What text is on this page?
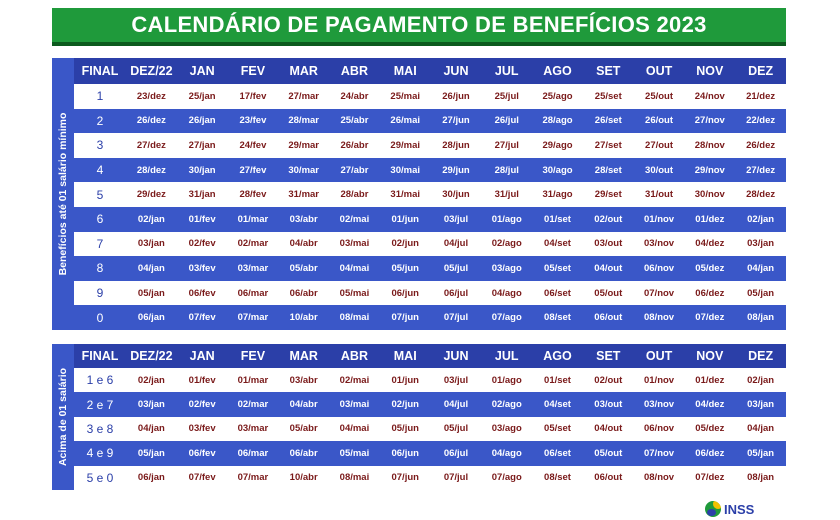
CALENDÁRIO DE PAGAMENTO DE BENEFÍCIOS 2023
Benefícios até 01 salário mínimo
FINAL	DEZ/22	JAN	FEV	MAR	ABR	MAI	JUN	JUL	AGO	SET	OUT	NOV	DEZ
1	23/dez	25/jan	17/fev	27/mar	24/abr	25/mai	26/jun	25/jul	25/ago	25/set	25/out	24/nov	21/dez
2	26/dez	26/jan	23/fev	28/mar	25/abr	26/mai	27/jun	26/jul	28/ago	26/set	26/out	27/nov	22/dez
3	27/dez	27/jan	24/fev	29/mar	26/abr	29/mai	28/jun	27/jul	29/ago	27/set	27/out	28/nov	26/dez
4	28/dez	30/jan	27/fev	30/mar	27/abr	30/mai	29/jun	28/jul	30/ago	28/set	30/out	29/nov	27/dez
5	29/dez	31/jan	28/fev	31/mar	28/abr	31/mai	30/jun	31/jul	31/ago	29/set	31/out	30/nov	28/dez
6	02/jan	01/fev	01/mar	03/abr	02/mai	01/jun	03/jul	01/ago	01/set	02/out	01/nov	01/dez	02/jan
7	03/jan	02/fev	02/mar	04/abr	03/mai	02/jun	04/jul	02/ago	04/set	03/out	03/nov	04/dez	03/jan
8	04/jan	03/fev	03/mar	05/abr	04/mai	05/jun	05/jul	03/ago	05/set	04/out	06/nov	05/dez	04/jan
9	05/jan	06/fev	06/mar	06/abr	05/mai	06/jun	06/jul	04/ago	06/set	05/out	07/nov	06/dez	05/jan
0	06/jan	07/fev	07/mar	10/abr	08/mai	07/jun	07/jul	07/ago	08/set	06/out	08/nov	07/dez	08/jan
Acima de 01 salário
FINAL	DEZ/22	JAN	FEV	MAR	ABR	MAI	JUN	JUL	AGO	SET	OUT	NOV	DEZ
1 e 6	02/jan	01/fev	01/mar	03/abr	02/mai	01/jun	03/jul	01/ago	01/set	02/out	01/nov	01/dez	02/jan
2 e 7	03/jan	02/fev	02/mar	04/abr	03/mai	02/jun	04/jul	02/ago	04/set	03/out	03/nov	04/dez	03/jan
3 e 8	04/jan	03/fev	03/mar	05/abr	04/mai	05/jun	05/jul	03/ago	05/set	04/out	06/nov	05/dez	04/jan
4 e 9	05/jan	06/fev	06/mar	06/abr	05/mai	06/jun	06/jul	04/ago	06/set	05/out	07/nov	06/dez	05/jan
5 e 0	06/jan	07/fev	07/mar	10/abr	08/mai	07/jun	07/jul	07/ago	08/set	06/out	08/nov	07/dez	08/jan
INSS
